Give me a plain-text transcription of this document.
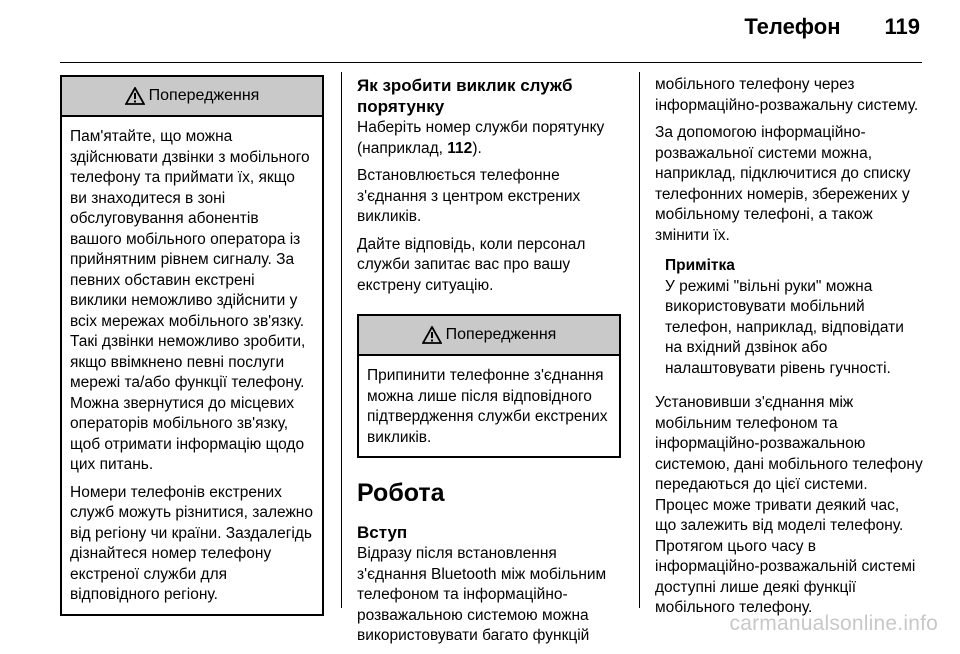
Телефон 119
Попередження

Пам'ятайте, що можна здійснювати дзвінки з мобільного телефону та приймати їх, якщо ви знаходитеся в зоні обслуговування абонентів вашого мобільного оператора із прийнятним рівнем сигналу. За певних обставин екстрені виклики неможливо здійснити у всіх мережах мобільного зв'язку. Такі дзвінки неможливо зробити, якщо ввімкнено певні послуги мережі та/або функції телефону. Можна звернутися до місцевих операторів мобільного зв'язку, щоб отримати інформацію щодо цих питань.

Номери телефонів екстрених служб можуть різнитися, залежно від регіону чи країни. Заздалегідь дізнайтеся номер телефону екстреної служби для відповідного регіону.

Як зробити виклик служб порятунку

Наберіть номер служби порятунку (наприклад, 112).

Встановлюється телефонне з'єднання з центром екстрених викликів.

Дайте відповідь, коли персонал служби запитає вас про вашу екстрену ситуацію.

Попередження

Припинити телефонне з'єднання можна лише після відповідного підтвердження служби екстрених викликів.

Робота
Вступ

Відразу після встановлення з'єднання Bluetooth між мобільним телефоном та інформаційно-розважальною системою можна використовувати багато функцій

мобільного телефону через інформаційно-розважальну систему.

За допомогою інформаційно-розважальної системи можна, наприклад, підключитися до списку телефонних номерів, збережених у мобільному телефоні, а також змінити їх.

Примітка
У режимі "вільні руки" можна використовувати мобільний телефон, наприклад, відповідати на вхідний дзвінок або налаштовувати рівень гучності.

Установивши з'єднання між мобільним телефоном та інформаційно-розважальною системою, дані мобільного телефону передаються до цієї системи. Процес може тривати деякий час, що залежить від моделі телефону. Протягом цього часу в інформаційно-розважальній системі доступні лише деякі функції мобільного телефону.

carmanualsonline.info
